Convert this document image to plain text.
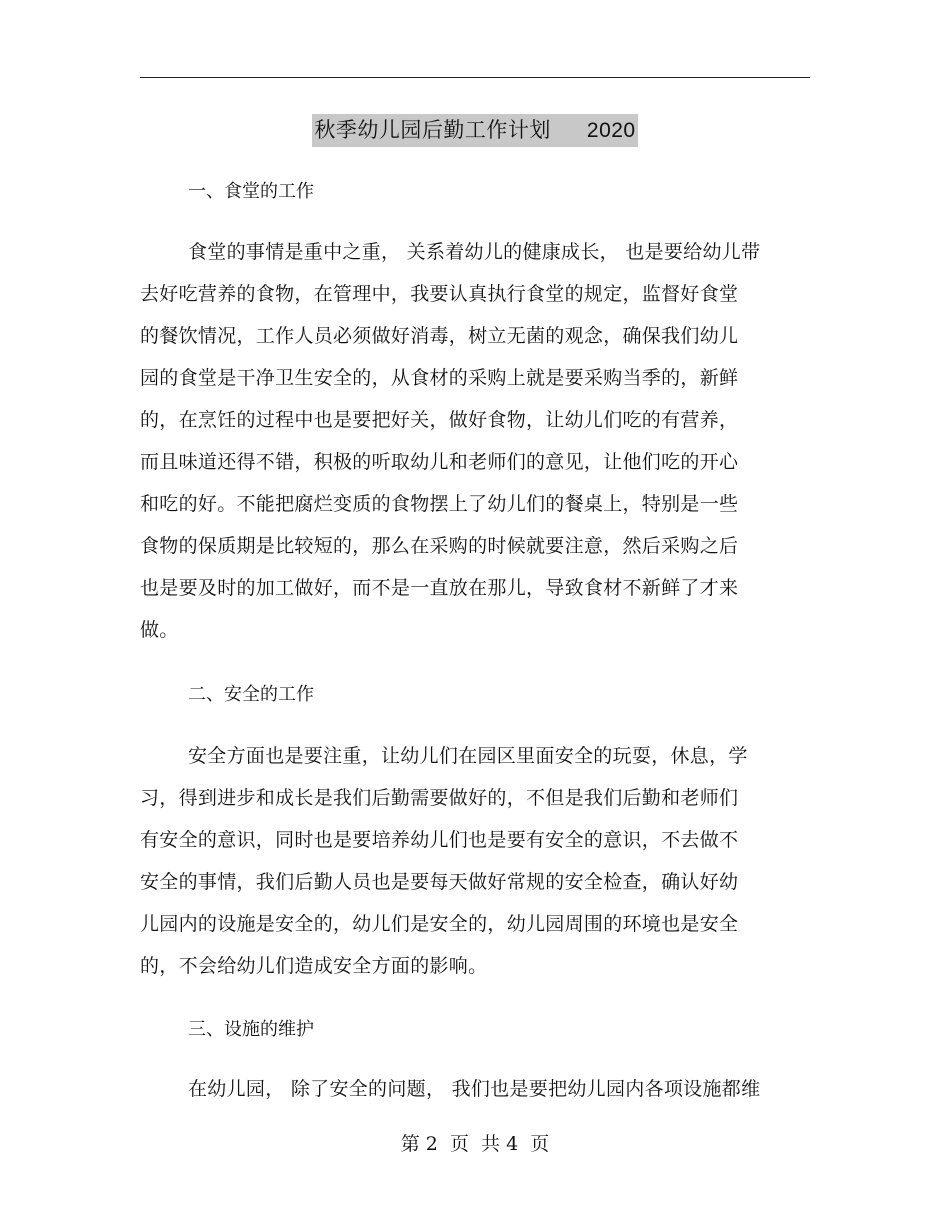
秋季幼儿园后勤工作计划 2020
一、食堂的工作
食堂的事情是重中之重， 关系着幼儿的健康成长， 也是要给幼儿带
去好吃营养的食物，在管理中，我要认真执行食堂的规定，监督好食堂
的餐饮情况，工作人员必须做好消毒，树立无菌的观念，确保我们幼儿
园的食堂是干净卫生安全的，从食材的采购上就是要采购当季的，新鲜
的，在烹饪的过程中也是要把好关，做好食物，让幼儿们吃的有营养，
而且味道还得不错，积极的听取幼儿和老师们的意见，让他们吃的开心
和吃的好。不能把腐烂变质的食物摆上了幼儿们的餐桌上，特别是一些
食物的保质期是比较短的，那么在采购的时候就要注意，然后采购之后
也是要及时的加工做好，而不是一直放在那儿，导致食材不新鲜了才来
做。
二、安全的工作
安全方面也是要注重，让幼儿们在园区里面安全的玩耍，休息，学
习，得到进步和成长是我们后勤需要做好的，不但是我们后勤和老师们
有安全的意识，同时也是要培养幼儿们也是要有安全的意识，不去做不
安全的事情，我们后勤人员也是要每天做好常规的安全检查，确认好幼
儿园内的设施是安全的，幼儿们是安全的，幼儿园周围的环境也是安全
的，不会给幼儿们造成安全方面的影响。
三、设施的维护
在幼儿园， 除了安全的问题， 我们也是要把幼儿园内各项设施都维
第 2  页  共 4  页
